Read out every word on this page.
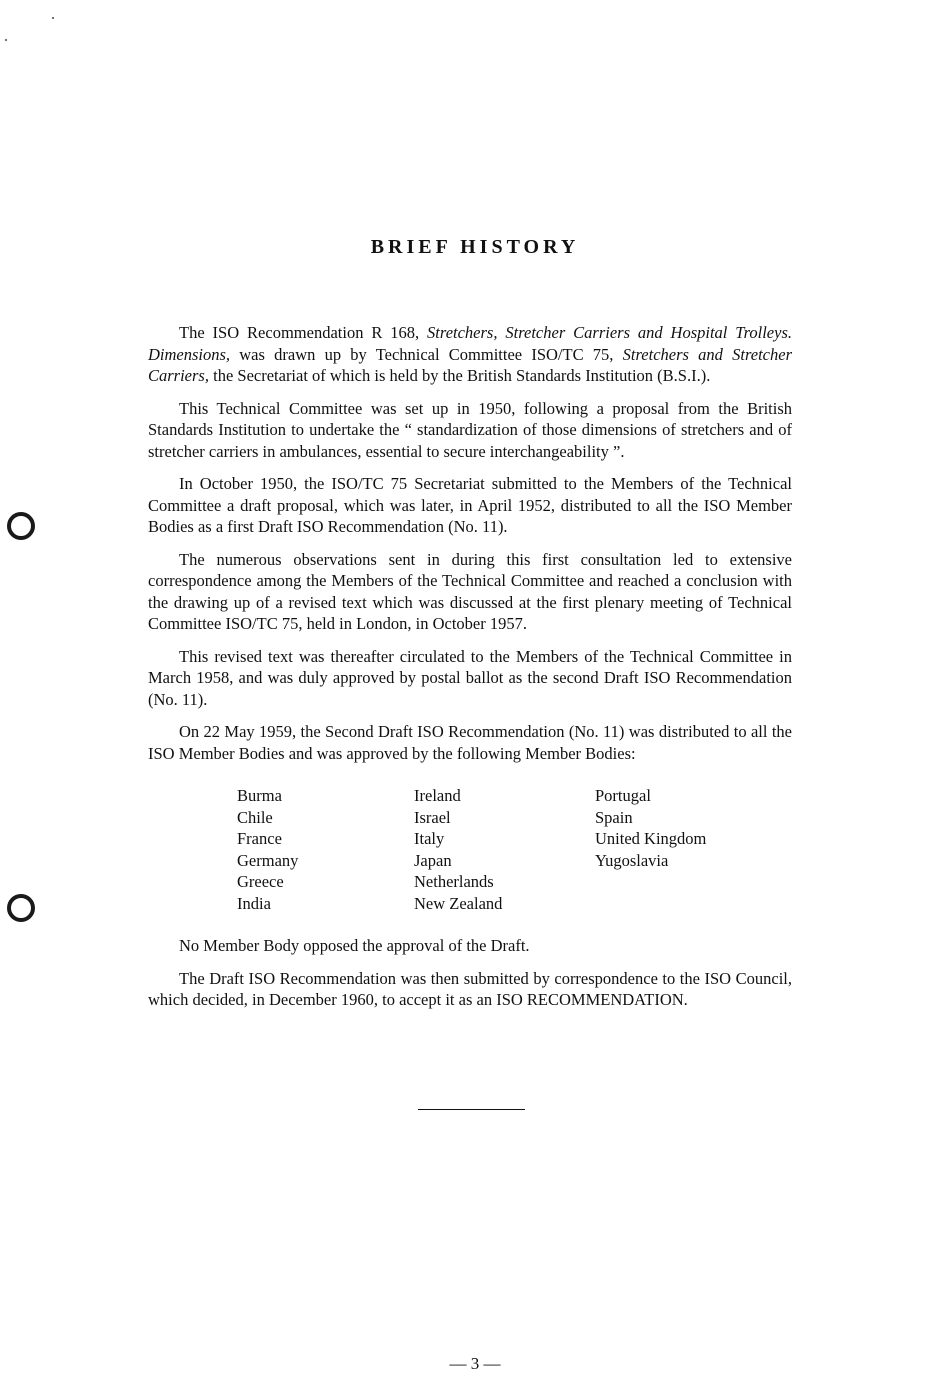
BRIEF HISTORY

The ISO Recommendation R 168, Stretchers, Stretcher Carriers and Hospital Trolleys. Dimensions, was drawn up by Technical Committee ISO/TC 75, Stretchers and Stretcher Carriers, the Secretariat of which is held by the British Standards Institution (B.S.I.).

This Technical Committee was set up in 1950, following a proposal from the British Standards Institution to undertake the “ standardization of those dimensions of stretchers and of stretcher carriers in ambulances, essential to secure interchangeability ”.

In October 1950, the ISO/TC 75 Secretariat submitted to the Members of the Technical Committee a draft proposal, which was later, in April 1952, distributed to all the ISO Member Bodies as a first Draft ISO Recommendation (No. 11).

The numerous observations sent in during this first consultation led to extensive correspondence among the Members of the Technical Committee and reached a conclusion with the drawing up of a revised text which was discussed at the first plenary meeting of Technical Committee ISO/TC 75, held in London, in October 1957.

This revised text was thereafter circulated to the Members of the Technical Committee in March 1958, and was duly approved by postal ballot as the second Draft ISO Recommendation (No. 11).

On 22 May 1959, the Second Draft ISO Recommendation (No. 11) was distributed to all the ISO Member Bodies and was approved by the following Member Bodies:

Burma	Ireland	Portugal
Chile	Israel	Spain
France	Italy	United Kingdom
Germany	Japan	Yugoslavia
Greece	Netherlands
India	New Zealand

No Member Body opposed the approval of the Draft.

The Draft ISO Recommendation was then submitted by correspondence to the ISO Council, which decided, in December 1960, to accept it as an ISO RECOMMENDATION.

— 3 —
